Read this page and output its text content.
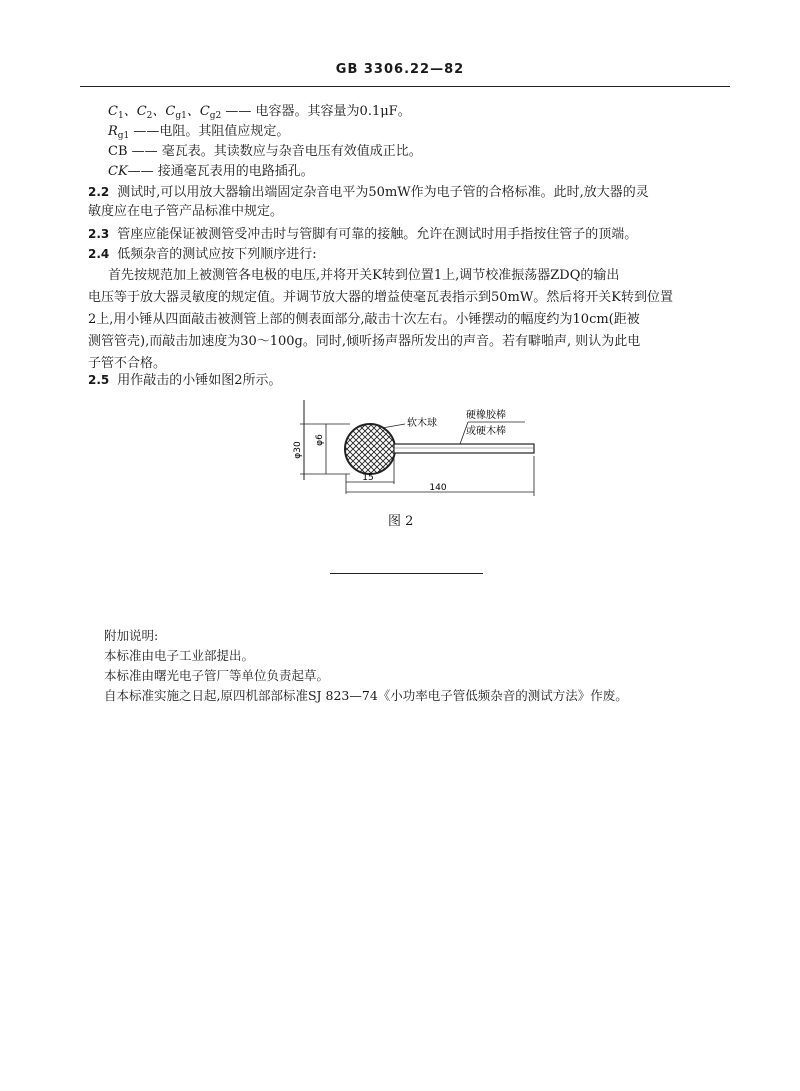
GB 3306.22—82
$C_1$、$C_2$、$C_{g1}$、$C_{g2}$ —— 电容器。其容量为0.1μF。
$R_{g1}$ ——电阻。其阻值应规定。
CB —— 毫瓦表。其读数应与杂音电压有效值成正比。
CK—— 接通毫瓦表用的电路插孔。
2.2 测试时,可以用放大器输出端固定杂音电平为50mW作为电子管的合格标准。此时,放大器的灵
敏度应在电子管产品标准中规定。
2.3 管座应能保证被测管受冲击时与管脚有可靠的接触。允许在测试时用手指按住管子的顶端。
2.4 低频杂音的测试应按下列顺序进行:
首先按规范加上被测管各电极的电压,并将开关K转到位置1上,调节校准振荡器ZDQ的输出
电压等于放大器灵敏度的规定值。并调节放大器的增益使毫瓦表指示到50mW。然后将开关K转到位置
2上,用小锤从四面敲击被测管上部的侧表面部分,敲击十次左右。小锤摆动的幅度约为10cm(距被
测管管壳),而敲击加速度为30～100g。同时,倾听扬声器所发出的声音。若有噼啪声, 则认为此电
子管不合格。
2.5 用作敲击的小锤如图2所示。
φ30
φ6
软木球
硬橡胶棒
或硬木棒
15
140
图 2
附加说明:
本标准由电子工业部提出。
本标准由曙光电子管厂等单位负责起草。
自本标准实施之日起,原四机部部标准SJ 823—74《小功率电子管低频杂音的测试方法》作废。
